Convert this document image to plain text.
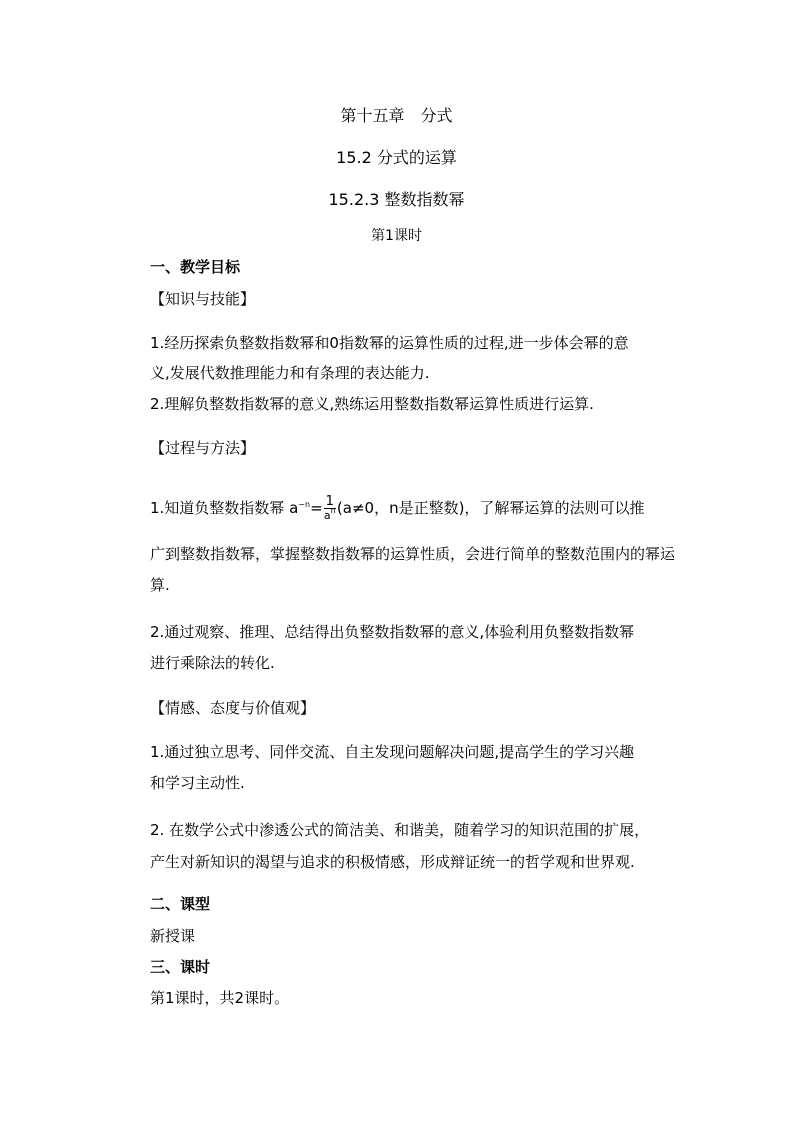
第十五章　分式
15.2 分式的运算
15.2.3 整数指数幂
第1课时
一、教学目标
【知识与技能】
1.经历探索负整数指数幂和0指数幂的运算性质的过程,进一步体会幂的意
义,发展代数推理能力和有条理的表达能力.
2.理解负整数指数幂的意义,熟练运用整数指数幂运算性质进行运算.
【过程与方法】
1.知道负整数指数幂 $a^{-n}= \frac{1}{a^n} (a\ne 0$，n是正整数)，了解幂运算的法则可以推
广到整数指数幂，掌握整数指数幂的运算性质，会进行简单的整数范围内的幂运
算.
2.通过观察、推理、总结得出负整数指数幂的意义,体验利用负整数指数幂
进行乘除法的转化.
【情感、态度与价值观】
1.通过独立思考、同伴交流、自主发现问题解决问题,提高学生的学习兴趣
和学习主动性.
2. 在数学公式中渗透公式的简洁美、和谐美，随着学习的知识范围的扩展，
产生对新知识的渴望与追求的积极情感，形成辩证统一的哲学观和世界观.
二、课型
新授课
三、课时
第1课时，共2课时。
